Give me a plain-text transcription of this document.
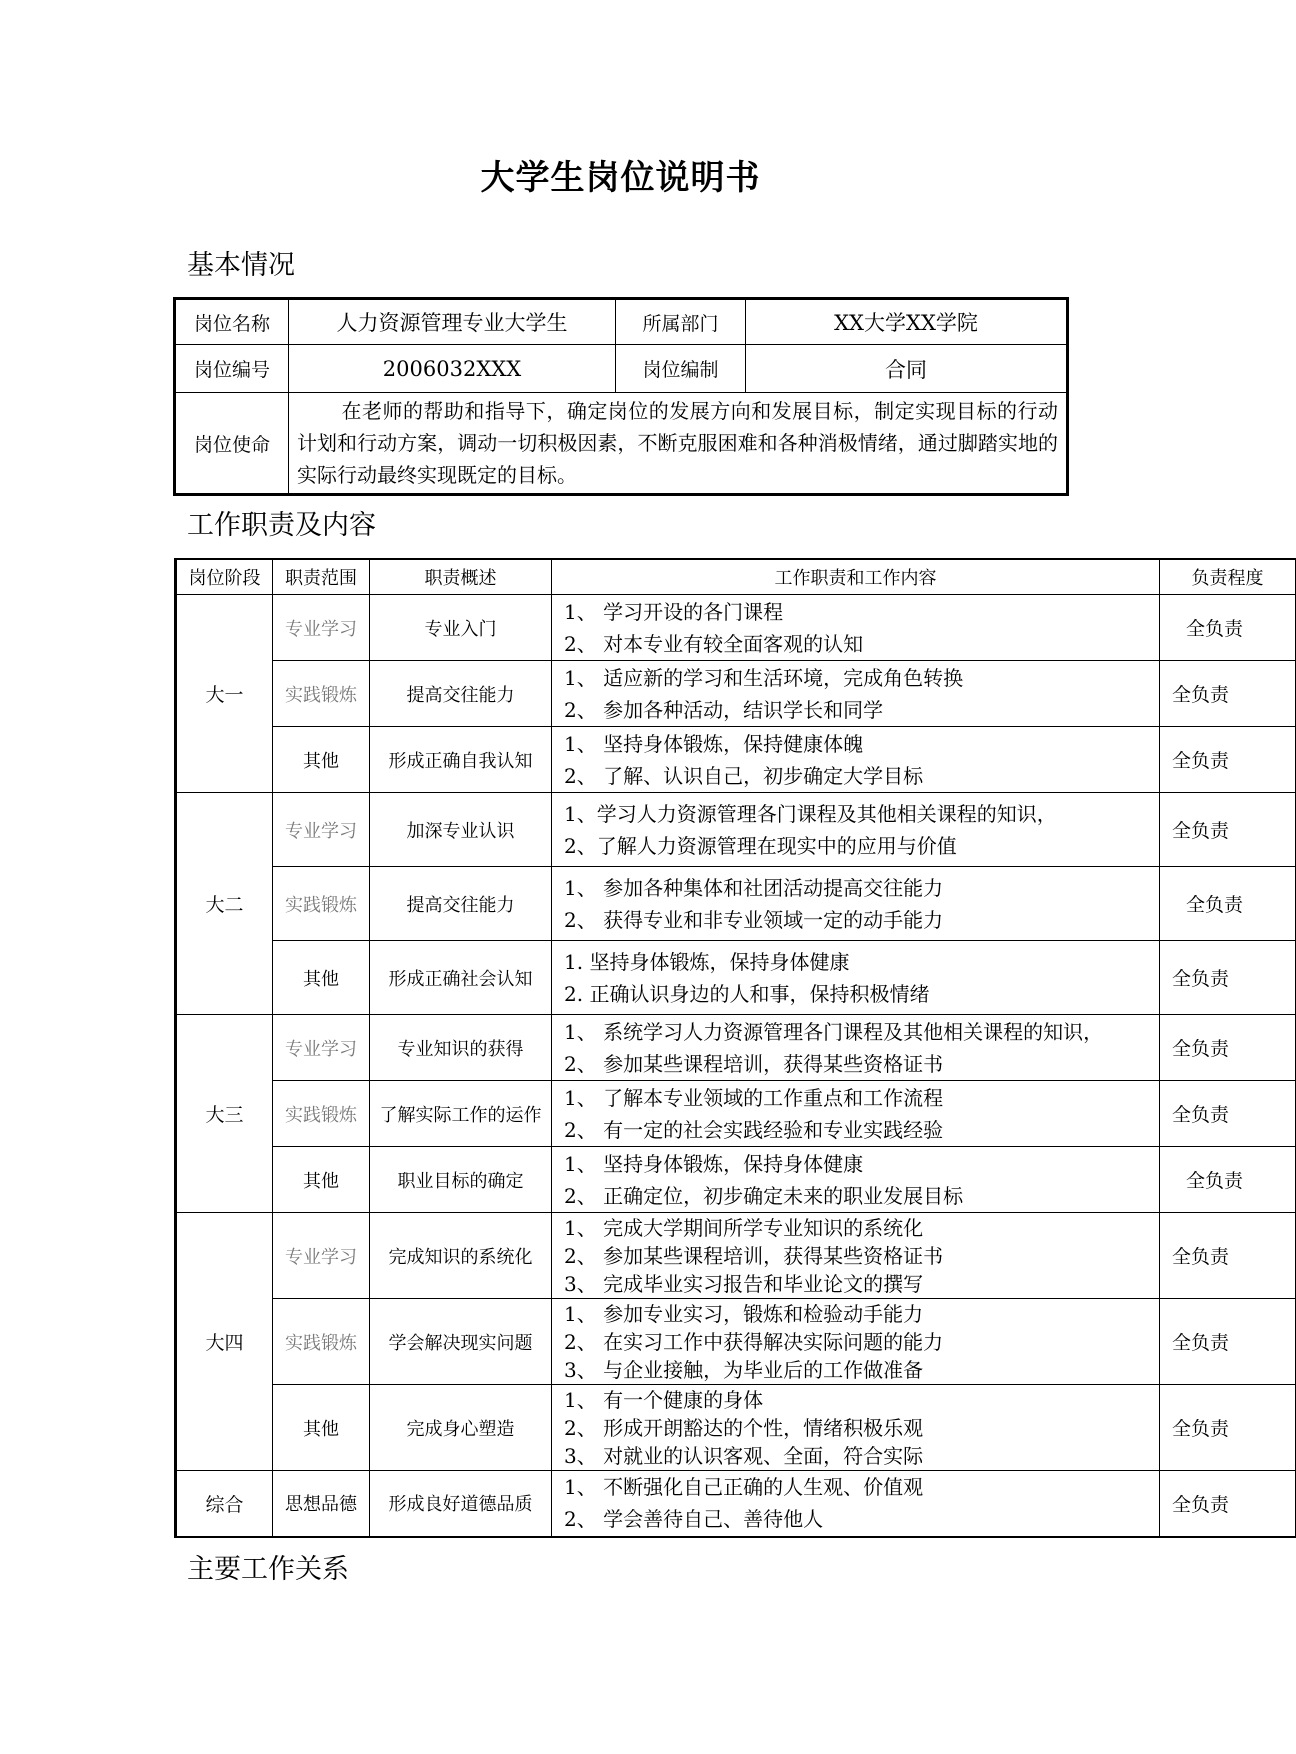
大学生岗位说明书
基本情况
岗位名称	人力资源管理专业大学生	所属部门	XX大学XX学院
岗位编号	2006032XXX	岗位编制	合同
岗位使命	在老师的帮助和指导下，确定岗位的发展方向和发展目标，制定实现目标的行动计划和行动方案，调动一切积极因素，不断克服困难和各种消极情绪，通过脚踏实地的实际行动最终实现既定的目标。		
工作职责及内容
岗位阶段	职责范围	职责概述	工作职责和工作内容	负责程度
大一	专业学习	专业入门	1、 学习开设的各门课程
2、 对本专业有较全面客观的认知	全负责
	实践锻炼	提高交往能力	1、 适应新的学习和生活环境，完成角色转换
2、 参加各种活动，结识学长和同学	全负责
	其他	形成正确自我认知	1、 坚持身体锻炼，保持健康体魄
2、 了解、认识自己，初步确定大学目标	全负责
大二	专业学习	加深专业认识	1、学习人力资源管理各门课程及其他相关课程的知识，
2、了解人力资源管理在现实中的应用与价值	全负责
	实践锻炼	提高交往能力	1、 参加各种集体和社团活动提高交往能力
2、 获得专业和非专业领域一定的动手能力	全负责
	其他	形成正确社会认知	1. 坚持身体锻炼，保持身体健康
2. 正确认识身边的人和事，保持积极情绪	全负责
大三	专业学习	专业知识的获得	1、 系统学习人力资源管理各门课程及其他相关课程的知识，
2、 参加某些课程培训，获得某些资格证书	全负责
	实践锻炼	了解实际工作的运作	1、 了解本专业领域的工作重点和工作流程
2、 有一定的社会实践经验和专业实践经验	全负责
	其他	职业目标的确定	1、 坚持身体锻炼，保持身体健康
2、 正确定位，初步确定未来的职业发展目标	全负责
大四	专业学习	完成知识的系统化	1、 完成大学期间所学专业知识的系统化
2、 参加某些课程培训，获得某些资格证书
3、 完成毕业实习报告和毕业论文的撰写	全负责
	实践锻炼	学会解决现实问题	1、 参加专业实习，锻炼和检验动手能力
2、 在实习工作中获得解决实际问题的能力
3、 与企业接触，为毕业后的工作做准备	全负责
	其他	完成身心塑造	1、 有一个健康的身体
2、 形成开朗豁达的个性，情绪积极乐观
3、 对就业的认识客观、全面，符合实际	全负责
综合	思想品德	形成良好道德品质	1、 不断强化自己正确的人生观、价值观
2、 学会善待自己、善待他人	全负责
主要工作关系
